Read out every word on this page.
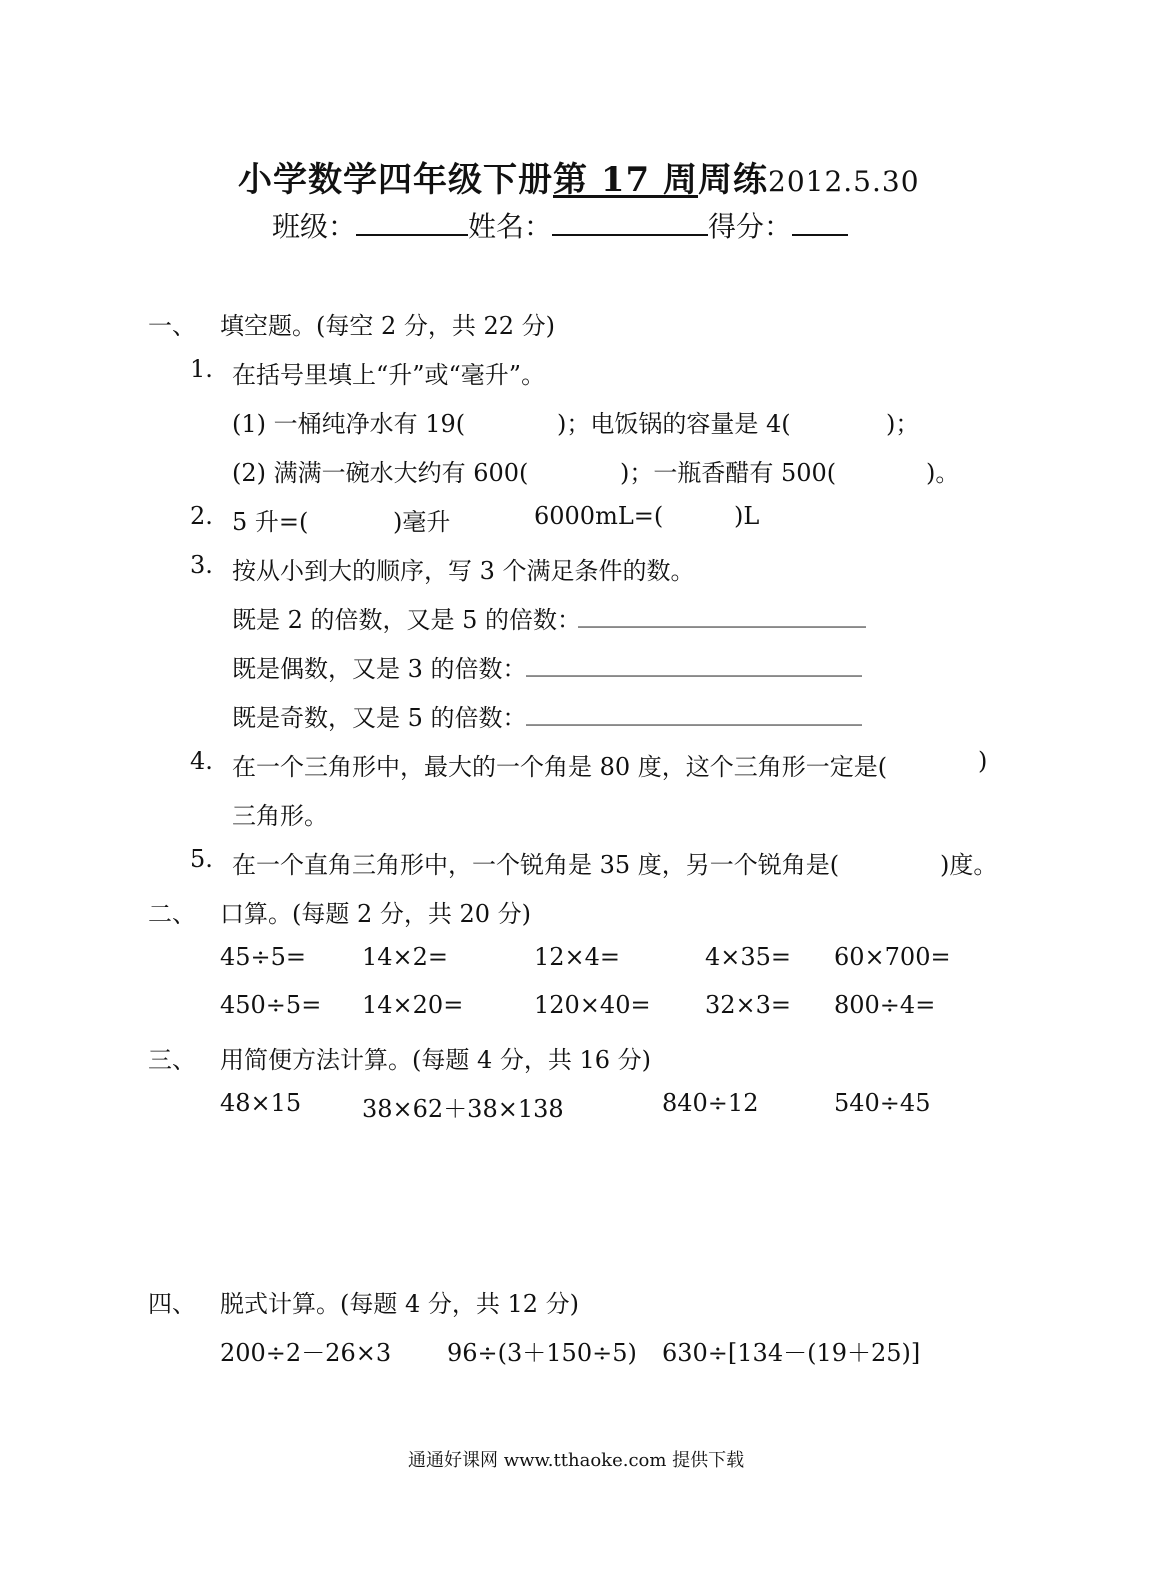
小学数学四年级下册第 17 周周练2012.5.30
班级：	姓名：	得分：
一、 填空题。(每空 2 分，共 22 分)
1. 在括号里填上“升”或“毫升”。
(1) 一桶纯净水有 19(	)；电饭锅的容量是 4(	)；
(2) 满满一碗水大约有 600(	)；一瓶香醋有 500(	)。
2. 5 升=(	)毫升	6000mL=(	)L
3. 按从小到大的顺序，写 3 个满足条件的数。
既是 2 的倍数，又是 5 的倍数：
________________________
既是偶数，又是 3 的倍数： ____________________________
既是奇数，又是 5 的倍数： ____________________________
4. 在一个三角形中，最大的一个角是 80 度，这个三角形一定是(	)
三角形。
5. 在一个直角三角形中，一个锐角是 35 度，另一个锐角是(	)度。
二、 口算。(每题 2 分，共 20 分)
45÷5= 14×2=	12×4=	4×35= 60×700=
450÷5= 14×20=	120×40= 32×3= 800÷4=
三、 用简便方法计算。(每题 4 分，共 16 分)
48×15	38×62＋38×138	840÷12	540÷45
四、 脱式计算。(每题 4 分，共 12 分)
200÷2－26×3 96÷(3＋150÷5) 630÷[134－(19＋25)]
通通好课网 www.tthaoke.com 提供下载
